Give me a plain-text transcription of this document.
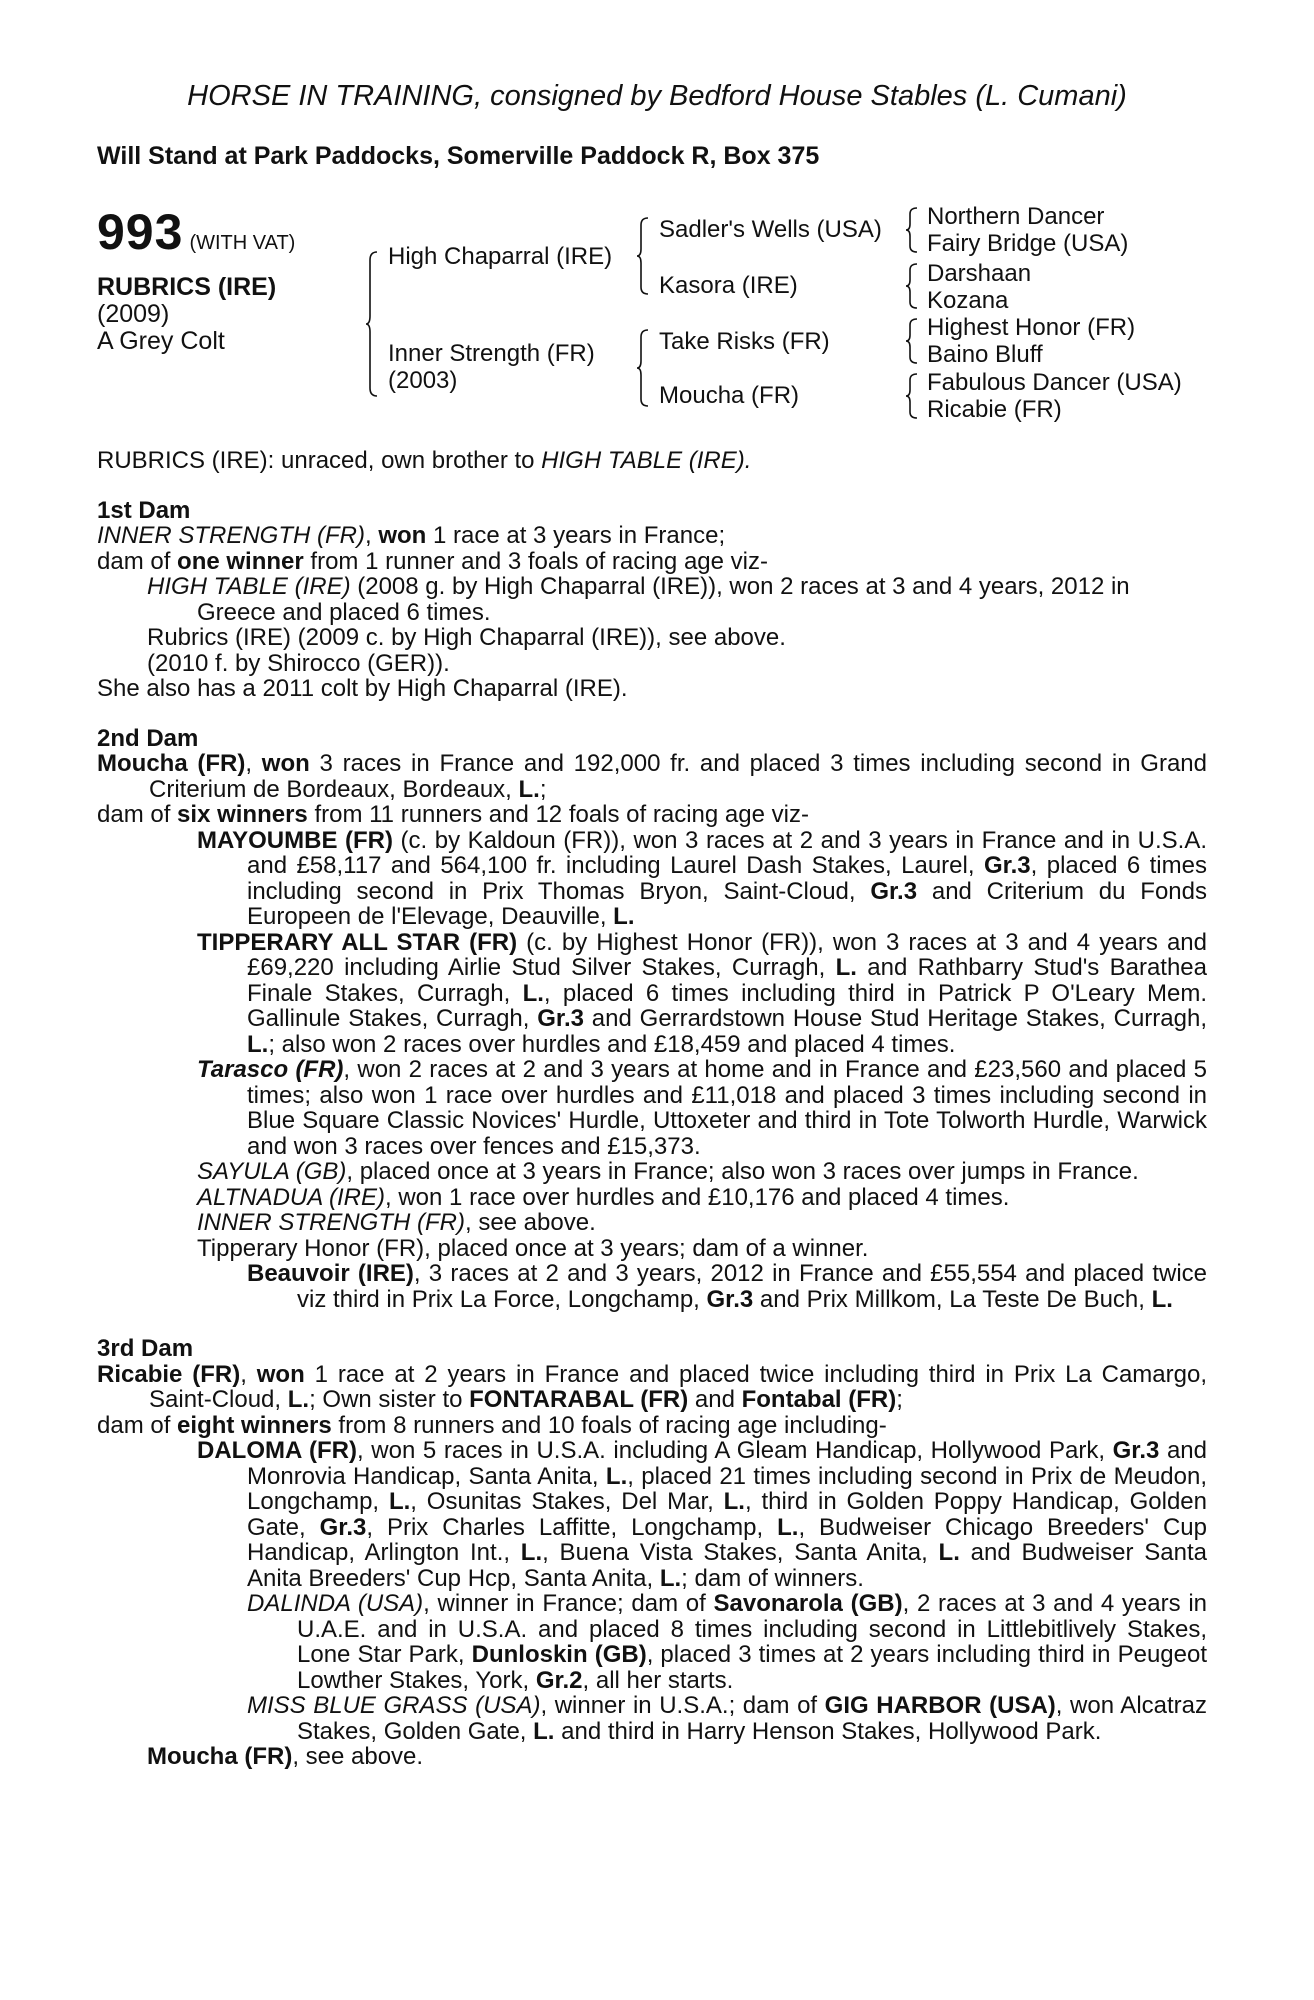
HORSE IN TRAINING, consigned by Bedford House Stables (L. Cumani)
Will Stand at Park Paddocks, Somerville Paddock R, Box 375
993 (WITH VAT)
RUBRICS (IRE)
(2009)
A Grey Colt
High Chaparral (IRE)
Inner Strength (FR)
(2003)
Sadler's Wells (USA)
Kasora (IRE)
Take Risks (FR)
Moucha (FR)
Northern Dancer
Fairy Bridge (USA)
Darshaan
Kozana
Highest Honor (FR)
Baino Bluff
Fabulous Dancer (USA)
Ricabie (FR)

RUBRICS (IRE): unraced, own brother to HIGH TABLE (IRE).

1st Dam

INNER STRENGTH (FR), won 1 race at 3 years in France;

dam of one winner from 1 runner and 3 foals of racing age viz-

HIGH TABLE (IRE) (2008 g. by High Chaparral (IRE)), won 2 races at 3 and 4 years, 2012 in Greece and placed 6 times.

Rubrics (IRE) (2009 c. by High Chaparral (IRE)), see above.

(2010 f. by Shirocco (GER)).

She also has a 2011 colt by High Chaparral (IRE).

2nd Dam

Moucha (FR), won 3 races in France and 192,000 fr. and placed 3 times including second in Grand Criterium de Bordeaux, Bordeaux, L.;

dam of six winners from 11 runners and 12 foals of racing age viz-

MAYOUMBE (FR) (c. by Kaldoun (FR)), won 3 races at 2 and 3 years in France and in U.S.A. and £58,117 and 564,100 fr. including Laurel Dash Stakes, Laurel, Gr.3, placed 6 times including second in Prix Thomas Bryon, Saint-Cloud, Gr.3 and Criterium du Fonds Europeen de l'Elevage, Deauville, L.

TIPPERARY ALL STAR (FR) (c. by Highest Honor (FR)), won 3 races at 3 and 4 years and £69,220 including Airlie Stud Silver Stakes, Curragh, L. and Rathbarry Stud's Barathea Finale Stakes, Curragh, L., placed 6 times including third in Patrick P O'Leary Mem. Gallinule Stakes, Curragh, Gr.3 and Gerrardstown House Stud Heritage Stakes, Curragh, L.; also won 2 races over hurdles and £18,459 and placed 4 times.

Tarasco (FR), won 2 races at 2 and 3 years at home and in France and £23,560 and placed 5 times; also won 1 race over hurdles and £11,018 and placed 3 times including second in Blue Square Classic Novices' Hurdle, Uttoxeter and third in Tote Tolworth Hurdle, Warwick and won 3 races over fences and £15,373.

SAYULA (GB), placed once at 3 years in France; also won 3 races over jumps in France.

ALTNADUA (IRE), won 1 race over hurdles and £10,176 and placed 4 times.

INNER STRENGTH (FR), see above.

Tipperary Honor (FR), placed once at 3 years; dam of a winner.

Beauvoir (IRE), 3 races at 2 and 3 years, 2012 in France and £55,554 and placed twice viz third in Prix La Force, Longchamp, Gr.3 and Prix Millkom, La Teste De Buch, L.

3rd Dam

Ricabie (FR), won 1 race at 2 years in France and placed twice including third in Prix La Camargo, Saint-Cloud, L.; Own sister to FONTARABAL (FR) and Fontabal (FR);

dam of eight winners from 8 runners and 10 foals of racing age including-

DALOMA (FR), won 5 races in U.S.A. including A Gleam Handicap, Hollywood Park, Gr.3 and Monrovia Handicap, Santa Anita, L., placed 21 times including second in Prix de Meudon, Longchamp, L., Osunitas Stakes, Del Mar, L., third in Golden Poppy Handicap, Golden Gate, Gr.3, Prix Charles Laffitte, Longchamp, L., Budweiser Chicago Breeders' Cup Handicap, Arlington Int., L., Buena Vista Stakes, Santa Anita, L. and Budweiser Santa Anita Breeders' Cup Hcp, Santa Anita, L.; dam of winners.

DALINDA (USA), winner in France; dam of Savonarola (GB), 2 races at 3 and 4 years in U.A.E. and in U.S.A. and placed 8 times including second in Littlebitlively Stakes, Lone Star Park, Dunloskin (GB), placed 3 times at 2 years including third in Peugeot Lowther Stakes, York, Gr.2, all her starts.

MISS BLUE GRASS (USA), winner in U.S.A.; dam of GIG HARBOR (USA), won Alcatraz Stakes, Golden Gate, L. and third in Harry Henson Stakes, Hollywood Park.

Moucha (FR), see above.
